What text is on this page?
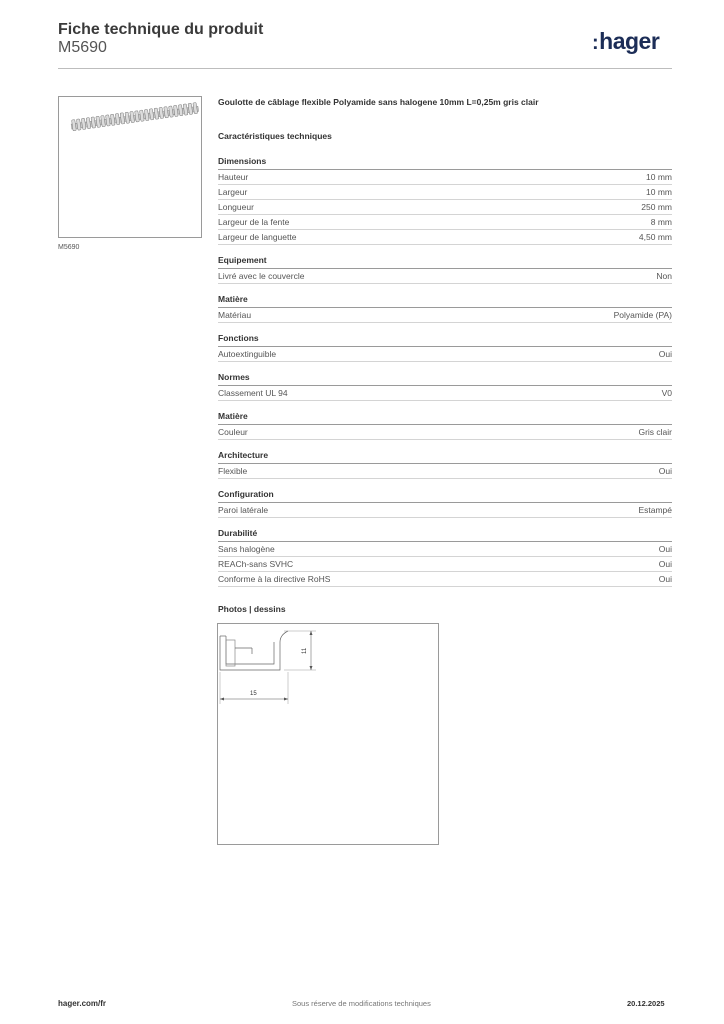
Fiche technique du produit
M5690	:hager
M5690
Goulotte de câblage flexible Polyamide sans halogene 10mm L=0,25m gris clair
Caractéristiques techniques
Dimensions
Hauteur	10 mm
Largeur	10 mm
Longueur	250 mm
Largeur de la fente	8 mm
Largeur de languette	4,50 mm
Equipement
Livré avec le couvercle	Non
Matière
Matériau	Polyamide (PA)
Fonctions
Autoextinguible	Oui
Normes
Classement UL 94	V0
Matière
Couleur	Gris clair
Architecture
Flexible	Oui
Configuration
Paroi latérale	Estampé
Durabilité
Sans halogène	Oui
REACh-sans SVHC	Oui
Conforme à la directive RoHS	Oui
Photos | dessins
11
15
hager.com/fr	Sous réserve de modifications techniques	20.12.2025
